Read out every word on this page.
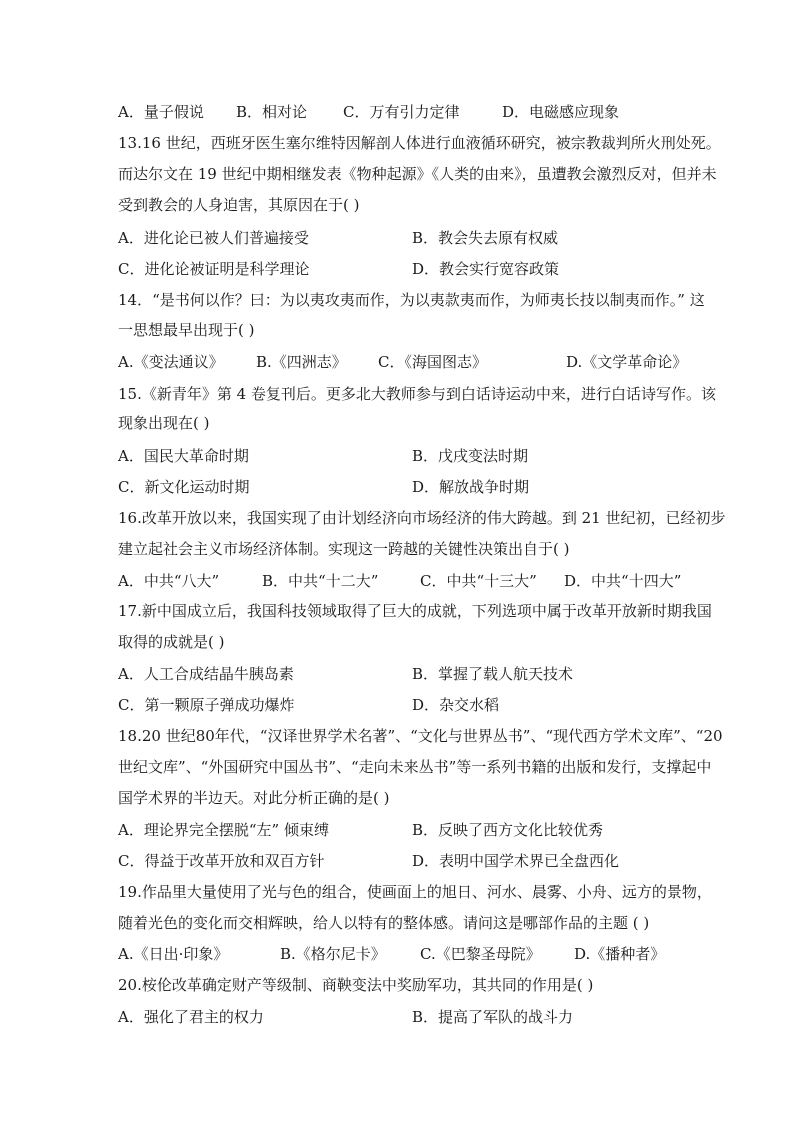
A．量子假说 B．相对论 C．万有引力定律	D．电磁感应现象
13.16 世纪，西班牙医生塞尔维特因解剖人体进行血液循环研究，被宗教裁判所火刑处死。
而达尔文在 19 世纪中期相继发表《物种起源》《人类的由来》，虽遭教会激烈反对，但并未
受到教会的人身迫害，其原因在于( )
A．进化论已被人们普遍接受	B．教会失去原有权威
C．进化论被证明是科学理论	D．教会实行宽容政策
14．“是书何以作？曰：为以夷攻夷而作，为以夷款夷而作，为师夷长技以制夷而作。” 这
一思想最早出现于( )
A.《变法通议》 B.《四洲志》 C．《海国图志》	D.《文学革命论》
15.《新青年》第 4 卷复刊后。更多北大教师参与到白话诗运动中来，进行白话诗写作。该
现象出现在( )
A．国民大革命时期	B．戊戌变法时期
C．新文化运动时期	D．解放战争时期
16.改革开放以来，我国实现了由计划经济向市场经济的伟大跨越。到 21 世纪初，已经初步
建立起社会主义市场经济体制。实现这一跨越的关键性决策出自于( )
A．中共“八大”	B．中共“十二大”	C．中共“十三大” D．中共“十四大”
17.新中国成立后，我国科技领域取得了巨大的成就，下列选项中属于改革开放新时期我国
取得的成就是( )
A．人工合成结晶牛胰岛素	B．掌握了载人航天技术
C．第一颗原子弹成功爆炸	D．杂交水稻
18.20 世纪80年代，“汉译世界学术名著”、“文化与世界丛书”、“现代西方学术文库”、“20
世纪文库”、“外国研究中国丛书”、“走向未来丛书”等一系列书籍的出版和发行，支撑起中
国学术界的半边天。对此分析正确的是( )
A．理论界完全摆脱“左” 倾束缚	B．反映了西方文化比较优秀
C．得益于改革开放和双百方针	D．表明中国学术界已全盘西化
19.作品里大量使用了光与色的组合，使画面上的旭日、河水、晨雾、小舟、远方的景物，
随着光色的变化而交相辉映，给人以特有的整体感。请问这是哪部作品的主题 ( )
A.《日出·印象》	B.《格尔尼卡》 C.《巴黎圣母院》 D.《播种者》
20.桉伦改革确定财产等级制、商鞅变法中奖励军功，其共同的作用是( )
A．强化了君主的权力	B．提高了军队的战斗力
